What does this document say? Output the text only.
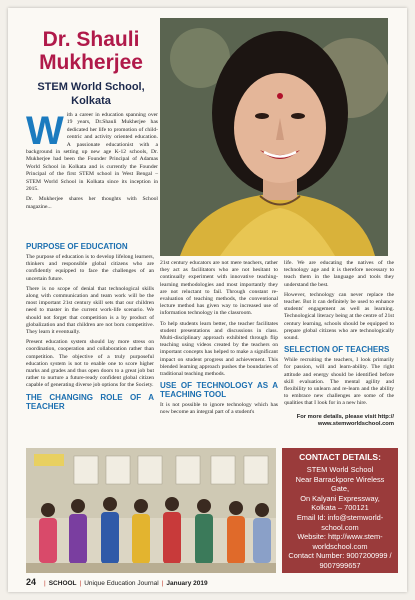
Dr. Shauli Mukherjee
STEM World School,
Kolkata
W ith a career in education spanning over 19 years, Dr.Shauli Mukherjee has dedicated her life to promotion of child-centric and activity oriented education. A passionate educationist with a background in setting up new age K-12 schools, Dr. Mukherjee had been the Founder Principal of Adamas World School in Kolkata and is currently the Founder Principal of the first STEM school in West Bengal – STEM World School in Kolkata since its inception in 2015.

Dr. Mukherjee shares her thoughts with School magazine...

PURPOSE OF EDUCATION

The purpose of education is to develop lifelong learners, thinkers and responsible global citizens who are confidently equipped to face the challenges of an uncertain future.

There is no scope of denial that technological skills along with communication and team work will be the most important 21st century skill sets that our children need to master in the current work-life scenario. We should not forget that competition is a by product of globalization and that children are not born competitive. They learn it eventually.

Present education system should lay more stress on coordination, cooperation and collaboration rather than competition. The objective of a truly purposeful education system is not to enable one to score higher marks and grades and thus open doors to a great job but rather to nurture a future-ready confident global citizen capable of generating diverse job options for the Society.

THE CHANGING ROLE OF A TEACHER

21st century educators are not mere teachers, rather they act as facilitators who are not hesitant to continually experiment with innovative teaching-learning methodologies and most importantly they are not reluctant to fail. Through constant re-evaluation of teaching methods, the conventional lecture method has given way to increased use of information technology in the classroom.

To help students learn better, the teacher facilitates student presentations and discussions in class. Multi-disciplinary approach exhibited through flip teaching using videos created by the teachers on important concepts has helped to make a significant impact on student progress and achievement. This blended learning approach pushes the boundaries of traditional teaching methods.

USE OF TECHNOLOGY AS A TEACHING TOOL

It is not possible to ignore technology which has now become an integral part of a student's

life. We are educating the natives of the technology age and it is therefore necessary to teach them in the language and tools they understand the best.

However, technology can never replace the teacher. But it can definitely be used to enhance students' engagement as well as learning. Technological literacy being at the centre of 21st century learning, schools should be equipped to prepare global citizens who are technologically sound.

SELECTION OF TEACHERS

While recruiting the teachers, I look primarily for passion, will and learn-ability. The right attitude and energy should be identified before skill evaluation. The mental agility and flexibility to unlearn and re-learn and the ability to embrace new challenges are some of the qualities that I look for in a new hire.

For more details, please visit http://
www.stemworldschool.com
CONTACT DETAILS:
STEM World School
Near Barrackpore Wireless
Gate,
On Kalyani Expressway,
Kolkata – 700121
Email Id: info@stemworld-
school.com
Website: http://www.stem-
worldschool.com
Contact Number: 9007200999 /
9007999657
24 | SCHOOL | Unique Education Journal | January 2019
